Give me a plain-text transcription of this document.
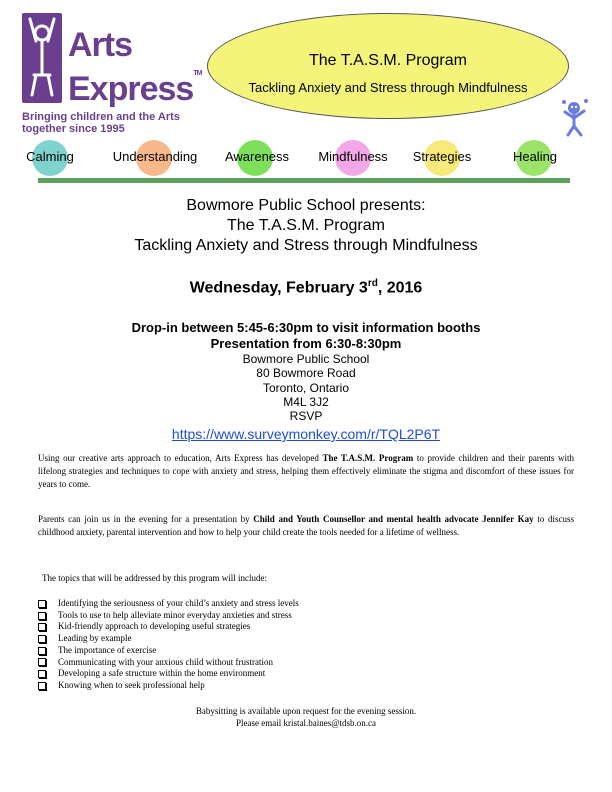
Arts
Express™
Bringing children and the Arts together since 1995
The T.A.S.M. Program
Tackling Anxiety and Stress through Mindfulness
Calming	Understanding	Awareness	Mindfulness	Strategies	Healing
Bowmore Public School presents:
The T.A.S.M. Program
Tackling Anxiety and Stress through Mindfulness
Wednesday, February 3rd, 2016
Drop-in between 5:45-6:30pm to visit information booths
Presentation from 6:30-8:30pm
Bowmore Public School
80 Bowmore Road
Toronto, Ontario
M4L 3J2
RSVP
https://www.surveymonkey.com/r/TQL2P6T
Using our creative arts approach to education, Arts Express has developed The T.A.S.M. Program to provide children and their parents with lifelong strategies and techniques to cope with anxiety and stress, helping them effectively eliminate the stigma and discomfort of these issues for years to come.
Parents can join us in the evening for a presentation by Child and Youth Counsellor and mental health advocate Jennifer Kay to discuss childhood anxiety, parental intervention and how to help your child create the tools needed for a lifetime of wellness.
The topics that will be addressed by this program will include:
Identifying the seriousness of your child’s anxiety and stress levels
Tools to use to help alleviate minor everyday anxieties and stress
Kid-friendly approach to developing useful strategies
Leading by example
The importance of exercise
Communicating with your anxious child without frustration
Developing a safe structure within the home environment
Knowing when to seek professional help
Babysitting is available upon request for the evening session.
Please email kristal.baines@tdsb.on.ca
